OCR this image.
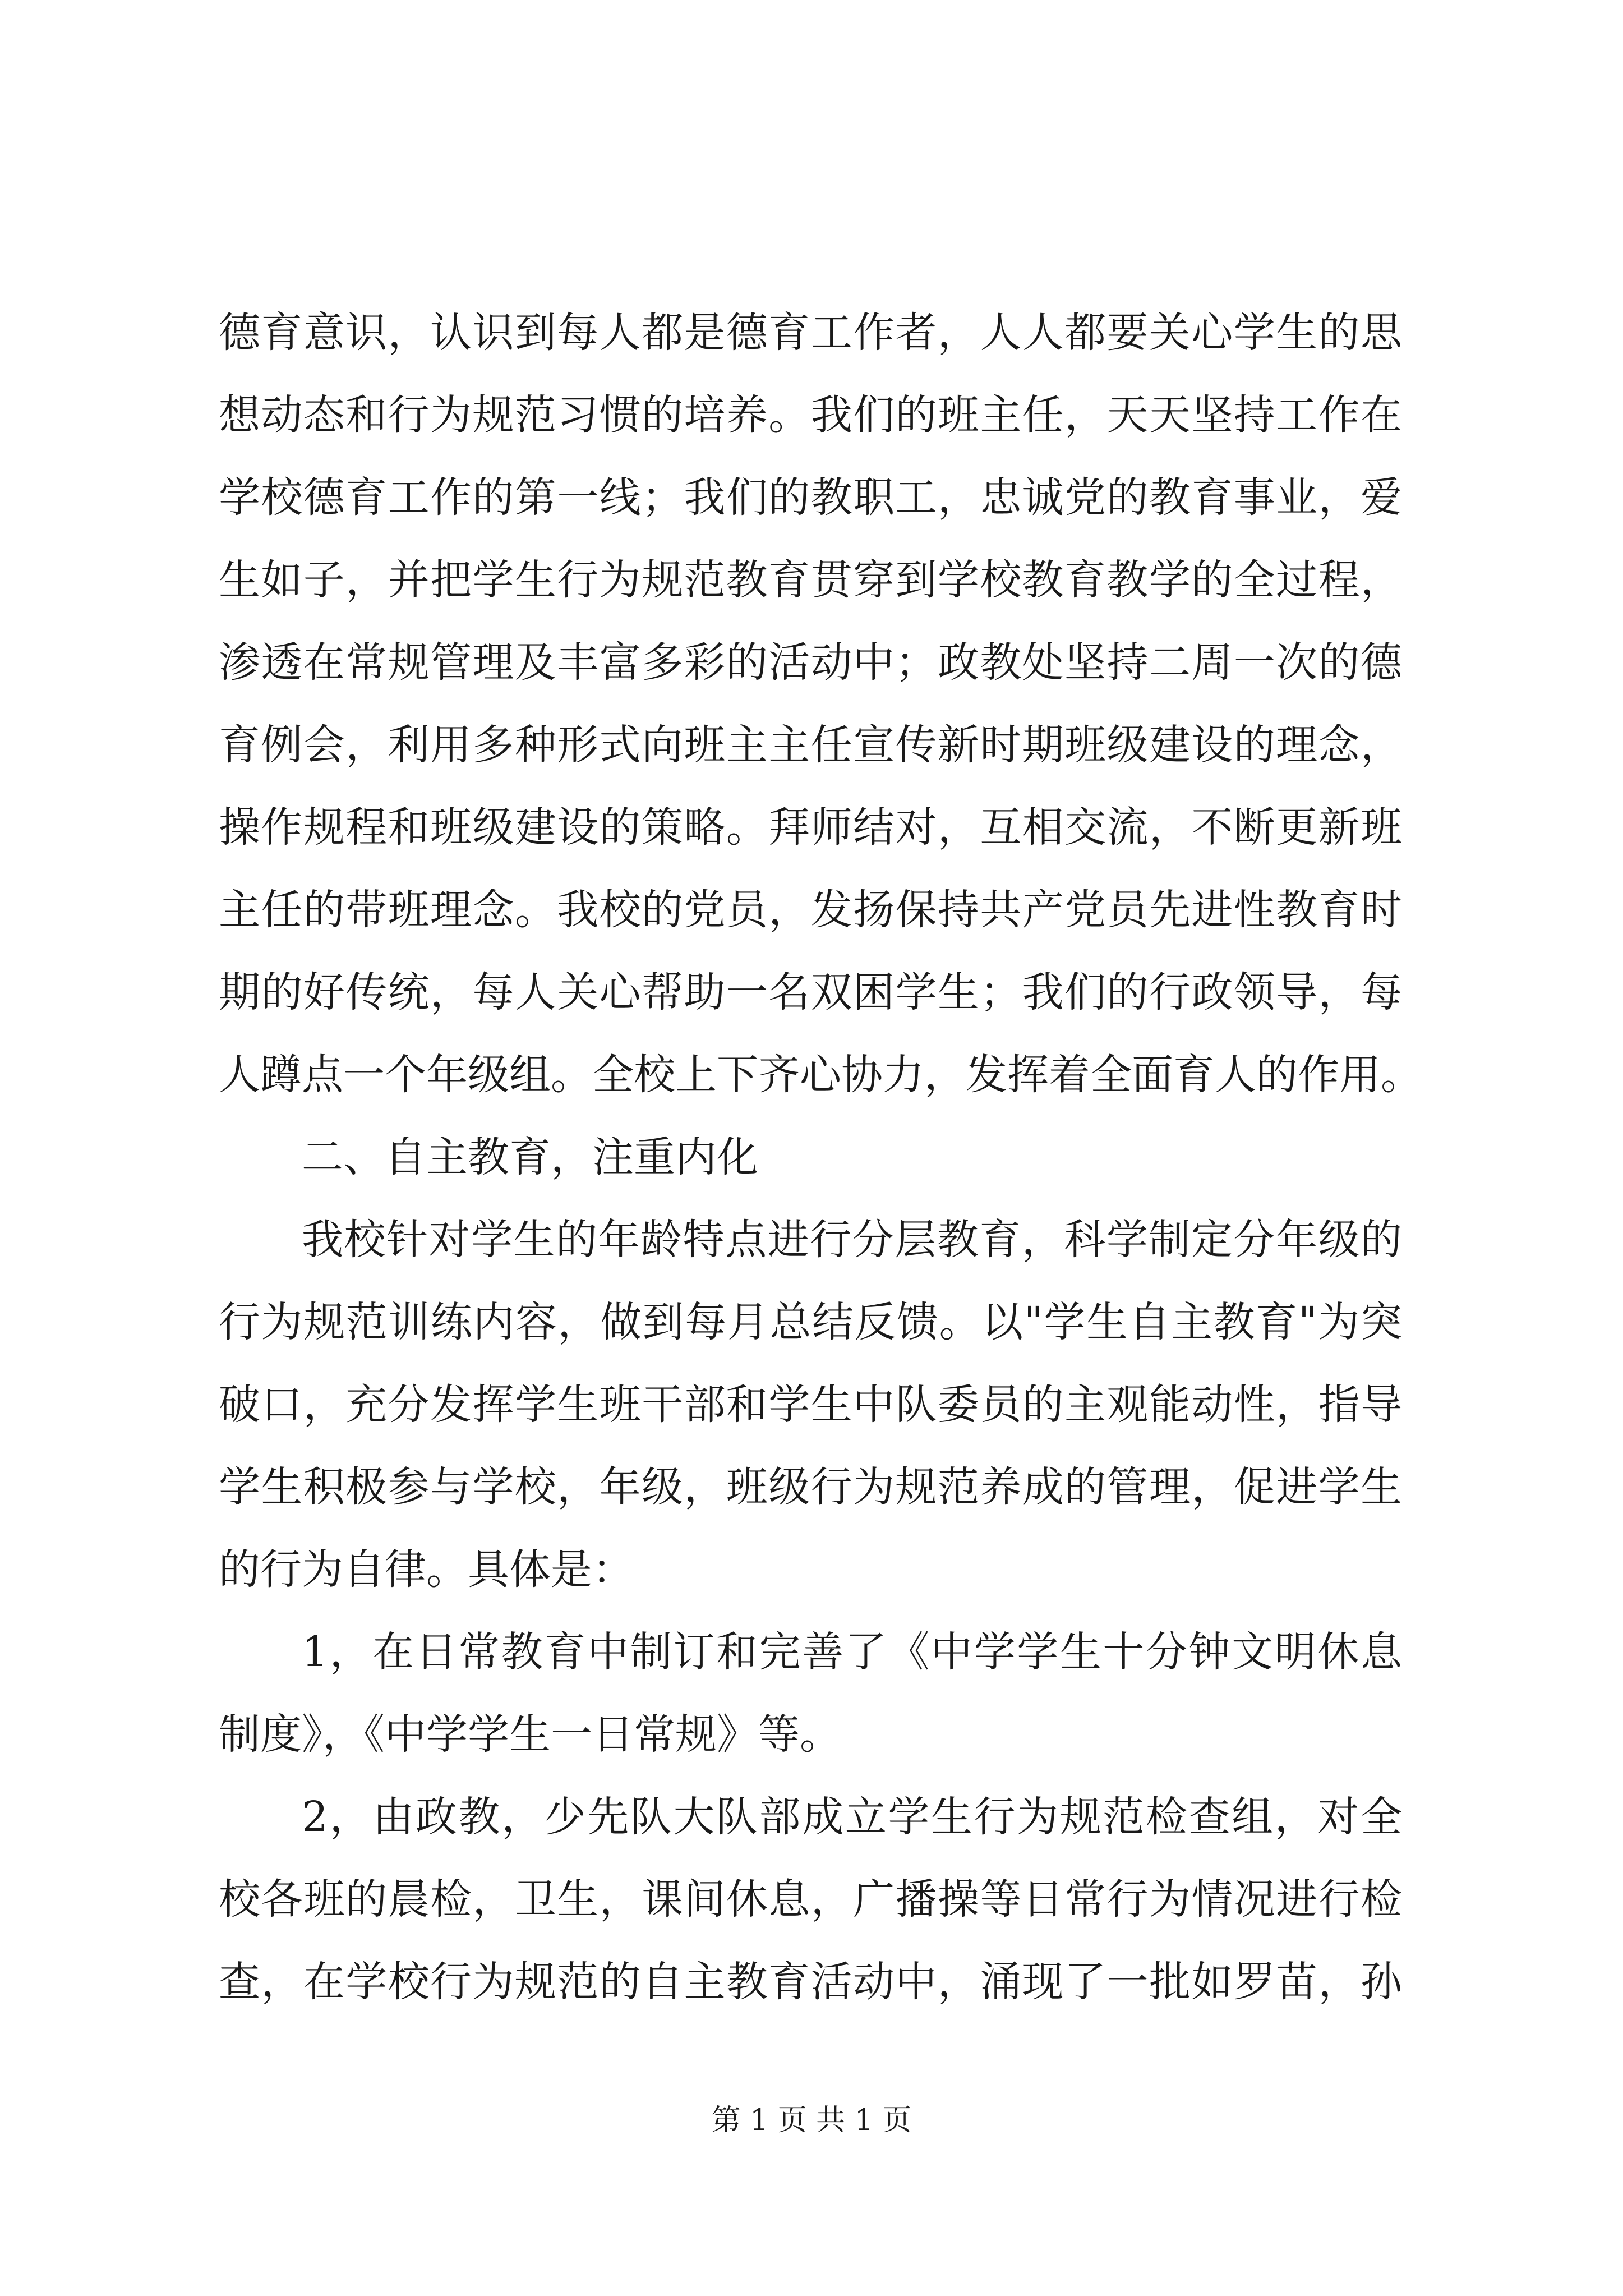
德育意识，认识到每人都是德育工作者，人人都要关心学生的思
想动态和行为规范习惯的培养。我们的班主任，天天坚持工作在
学校德育工作的第一线；我们的教职工，忠诚党的教育事业，爱
生如子，并把学生行为规范教育贯穿到学校教育教学的全过程，
渗透在常规管理及丰富多彩的活动中；政教处坚持二周一次的德
育例会，利用多种形式向班主主任宣传新时期班级建设的理念，
操作规程和班级建设的策略。拜师结对，互相交流，不断更新班
主任的带班理念。我校的党员，发扬保持共产党员先进性教育时
期的好传统，每人关心帮助一名双困学生；我们的行政领导，每
人蹲点一个年级组。全校上下齐心协力，发挥着全面育人的作用。
二、自主教育，注重内化
我校针对学生的年龄特点进行分层教育，科学制定分年级的
行为规范训练内容，做到每月总结反馈。以"学生自主教育"为突
破口，充分发挥学生班干部和学生中队委员的主观能动性，指导
学生积极参与学校，年级，班级行为规范养成的管理，促进学生
的行为自律。具体是：
1，在日常教育中制订和完善了《中学学生十分钟文明休息
制度》，《中学学生一日常规》等。
2，由政教，少先队大队部成立学生行为规范检查组，对全
校各班的晨检，卫生，课间休息，广播操等日常行为情况进行检
查，在学校行为规范的自主教育活动中，涌现了一批如罗苗，孙
第 1 页 共 1 页
